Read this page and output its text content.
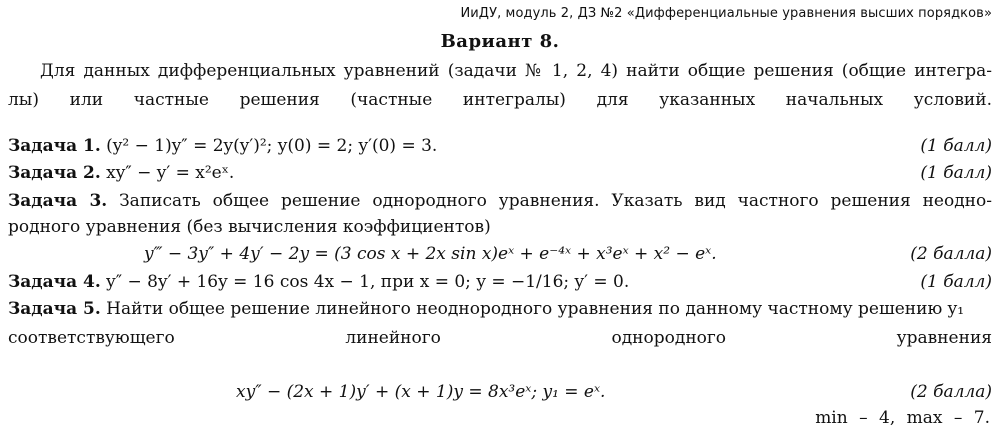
ИиДУ, модуль 2, ДЗ №2 «Дифференциальные уравнения высших порядков»
Вариант 8.
Для данных дифференциальных уравнений (задачи № 1, 2, 4) найти общие решения (общие интегра-
лы) или частные решения (частные интегралы) для указанных начальных условий.
Задача 1. (y² − 1)y″ = 2y(y′)²; y(0) = 2; y′(0) = 3.	(1 балл)
Задача 2. xy″ − y′ = x²eˣ.	(1 балл)
Задача 3. Записать общее решение однородного уравнения. Указать вид частного решения неодно-
родного уравнения (без вычисления коэффициентов)
y‴ − 3y″ + 4y′ − 2y = (3 cos x + 2x sin x)eˣ + e⁻⁴ˣ + x³eˣ + x² − eˣ.	(2 балла)
Задача 4. y″ − 8y′ + 16y = 16 cos 4x − 1, при x = 0; y = −1/16; y′ = 0.	(1 балл)
Задача 5. Найти общее решение линейного неоднородного уравнения по данному частному решению y₁
соответствующего линейного однородного уравнения
xy″ − (2x + 1)y′ + (x + 1)y = 8x³eˣ; y₁ = eˣ.	(2 балла)
min – 4, max – 7.
